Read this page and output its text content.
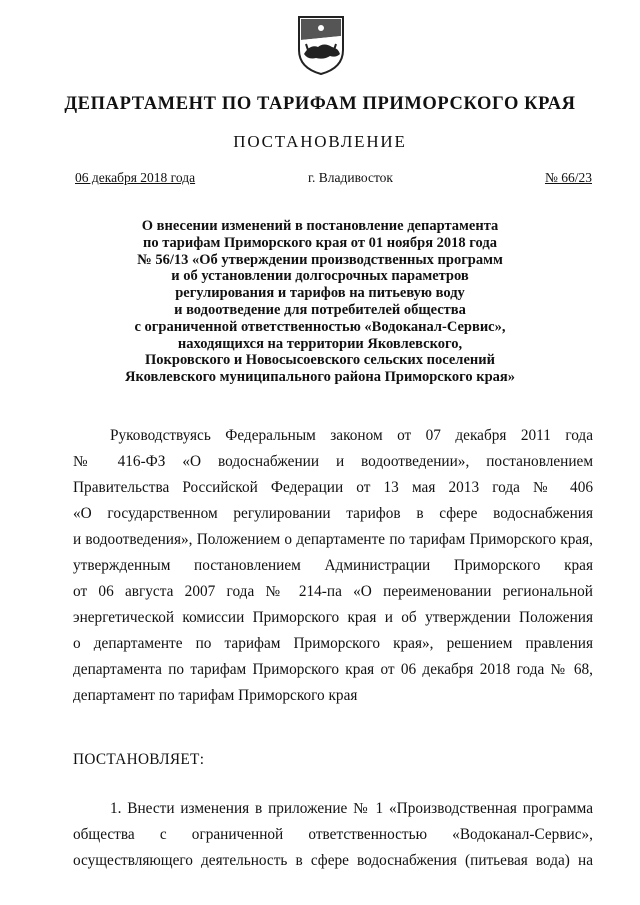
ДЕПАРТАМЕНТ ПО ТАРИФАМ ПРИМОРСКОГО КРАЯ
ПОСТАНОВЛЕНИЕ
06 декабря 2018 года	г. Владивосток	№ 66/23
О внесении изменений в постановление департамента
по тарифам Приморского края от 01 ноября 2018 года
№ 56/13 «Об утверждении производственных программ
и об установлении долгосрочных параметров
регулирования и тарифов на питьевую воду
и водоотведение для потребителей общества
с ограниченной ответственностью «Водоканал-Сервис»,
находящихся на территории Яковлевского,
Покровского и Новосысоевского сельских поселений
Яковлевского муниципального района Приморского края»
Руководствуясь Федеральным законом от 07 декабря 2011 года
№ 416-ФЗ «О водоснабжении и водоотведении», постановлением
Правительства Российской Федерации от 13 мая 2013 года № 406
«О государственном регулировании тарифов в сфере водоснабжения
и водоотведения», Положением о департаменте по тарифам Приморского края,
утвержденным постановлением Администрации Приморского края
от 06 августа 2007 года № 214-па «О переименовании региональной
энергетической комиссии Приморского края и об утверждении Положения
о департаменте по тарифам Приморского края», решением правления
департамента по тарифам Приморского края от 06 декабря 2018 года № 68,
департамент по тарифам Приморского края
ПОСТАНОВЛЯЕТ:
1. Внести изменения в приложение № 1 «Производственная программа
общества с ограниченной ответственностью «Водоканал-Сервис»,
осуществляющего деятельность в сфере водоснабжения (питьевая вода) на
